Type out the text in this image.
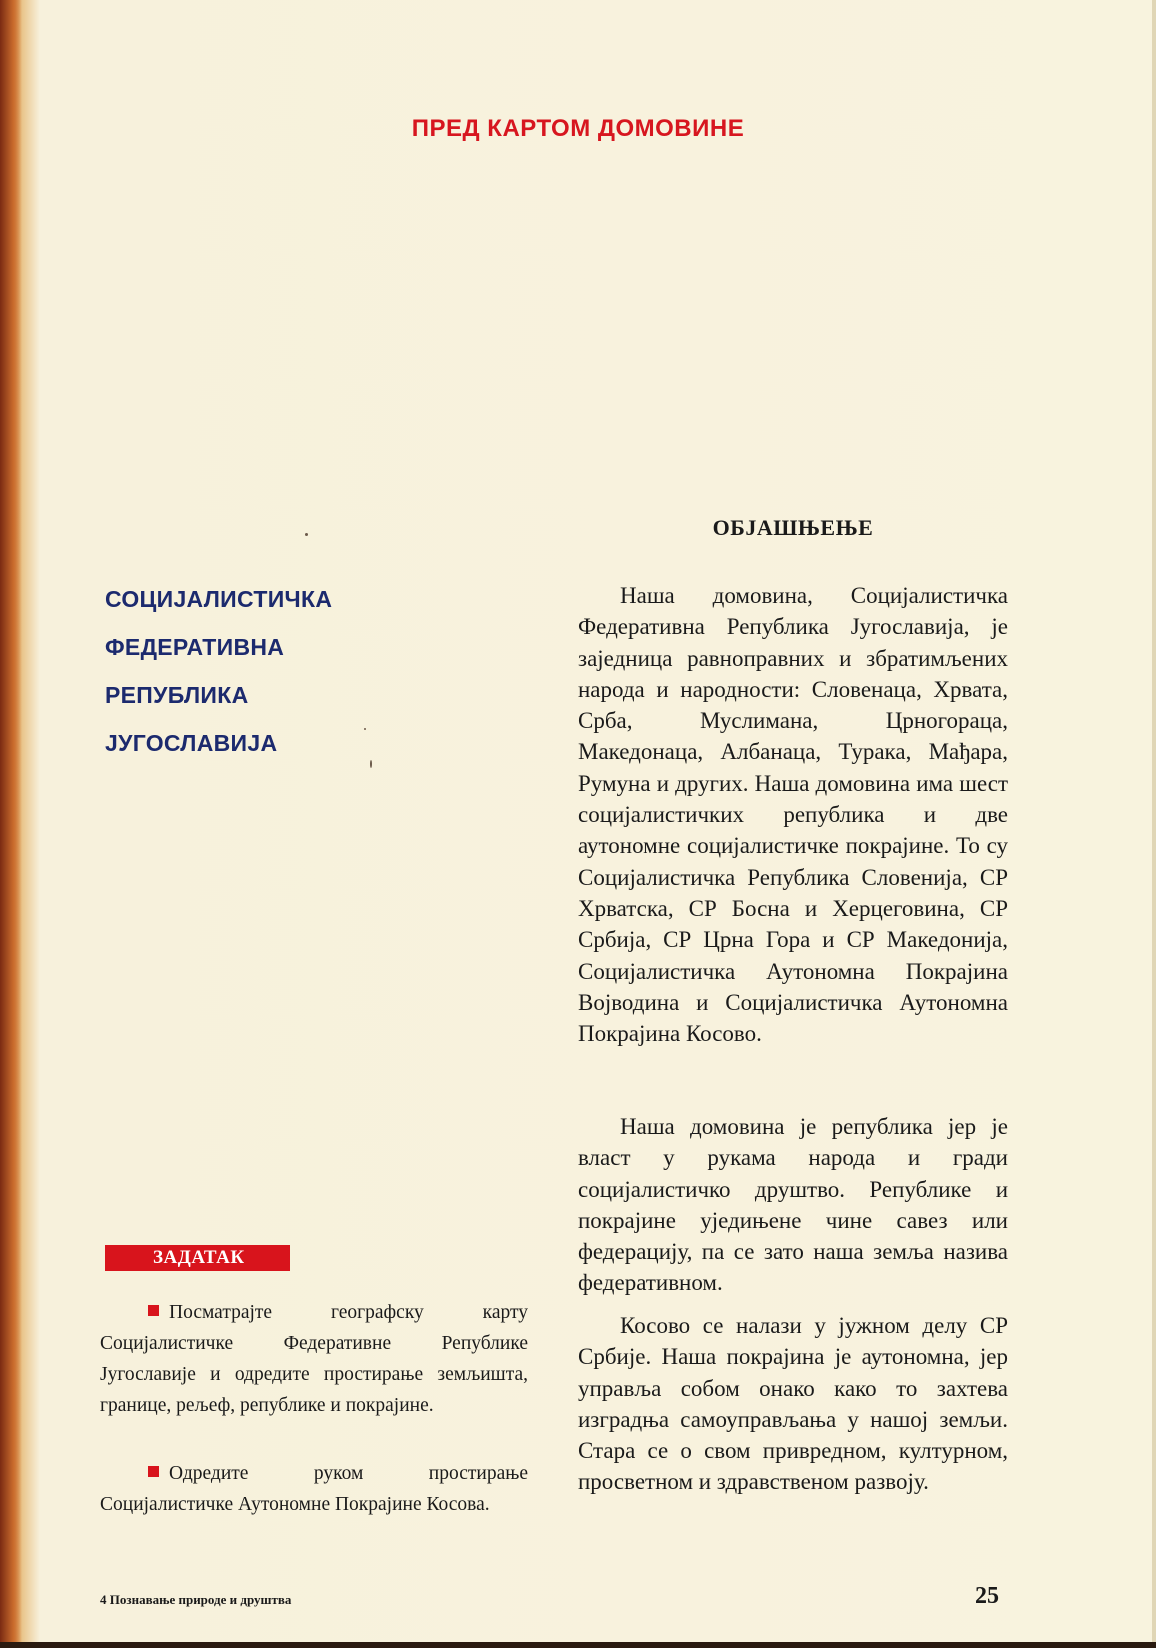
ПРЕД КАРТОМ ДОМОВИНЕ
СОЦИЈАЛИСТИЧКА
ФЕДЕРАТИВНА
РЕПУБЛИКА
ЈУГОСЛАВИЈА
ЗАДАТАК
Посматрајте географску карту Социјалистичке Федеративне Републике Југославије и одредите простирање земљишта, границе, рељеф, републике и покрајине.
Одредите руком простирање Социјалистичке Аутономне Покрајине Косова.
ОБЈАШЊЕЊЕ

Наша домовина, Социјалистичка Федеративна Република Југославија, је заједница равноправних и збратимљених народа и народности: Словенаца, Хрвата, Срба, Муслимана, Црногораца, Македонаца, Албанаца, Турака, Мађара, Румуна и других. Наша домовина има шест социјалистичких република и две аутономне социјалистичке покрајине. То су Социјалистичка Република Словенија, СР Хрватска, СР Босна и Херцеговина, СР Србија, СР Црна Гора и СР Македонија, Социјалистичка Аутономна Покрајина Војводина и Социјалистичка Аутономна Покрајина Косово.

Наша домовина је република јер је власт у рукама народа и гради социјалистичко друштво. Републике и покрајине уједињене чине савез или федерацију, па се зато наша земља назива федеративном.

Косово се налази у јужном делу СР Србије. Наша покрајина је аутономна, јер управља собом онако како то захтева изградња самоуправљања у нашој земљи. Стара се о свом привредном, културном, просветном и здравственом развоју.

4 Познавање природе и друштва	25
